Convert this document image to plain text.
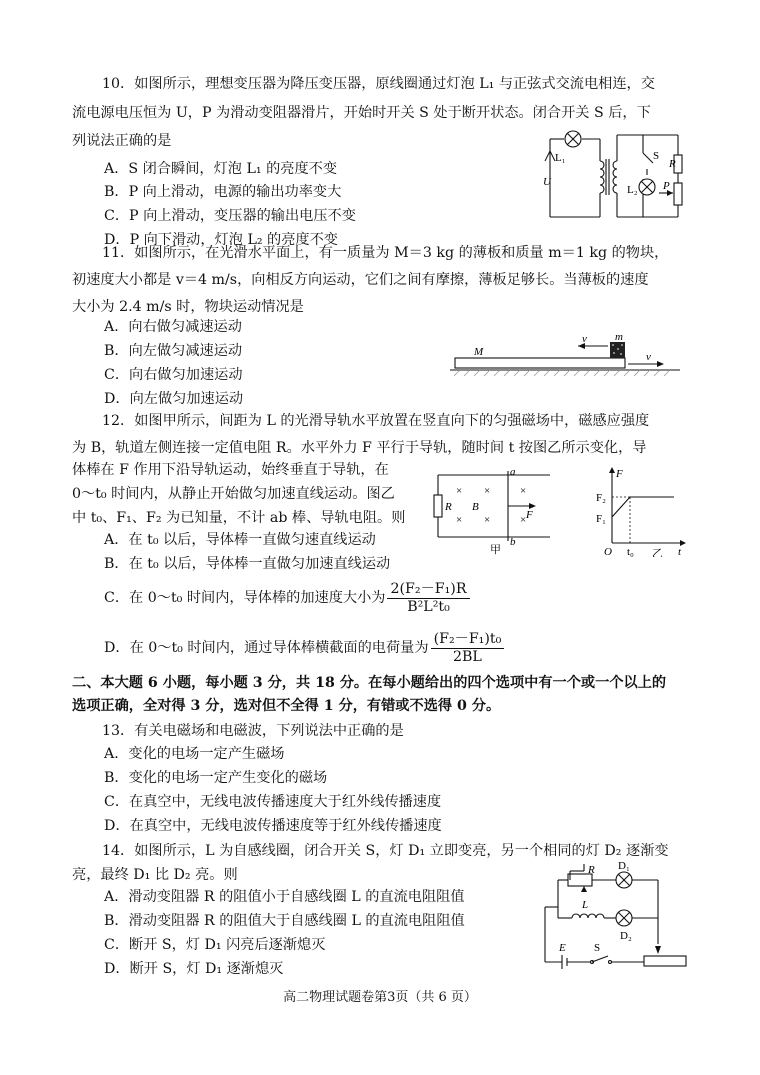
10．如图所示，理想变压器为降压变压器，原线圈通过灯泡 L₁ 与正弦式交流电相连，交
流电源电压恒为 U，P 为滑动变阻器滑片，开始时开关 S 处于断开状态。闭合开关 S 后，下
列说法正确的是
A．S 闭合瞬间，灯泡 L₁ 的亮度不变
B．P 向上滑动，电源的输出功率变大
C．P 向上滑动，变压器的输出电压不变
D．P 向下滑动，灯泡 L₂ 的亮度不变
L₁
U
S
R
L₂ P
11．如图所示，在光滑水平面上，有一质量为 M＝3 kg 的薄板和质量 m＝1 kg 的物块，
初速度大小都是 v＝4 m/s，向相反方向运动，它们之间有摩擦，薄板足够长。当薄板的速度
大小为 2.4 m/s 时，物块运动情况是
A．向右做匀减速运动
B．向左做匀减速运动
C．向右做匀加速运动
D．向左做匀加速运动
M
m
v
v
12．如图甲所示，间距为 L 的光滑导轨水平放置在竖直向下的匀强磁场中，磁感应强度
为 B，轨道左侧连接一定值电阻 R。水平外力 F 平行于导轨，随时间 t 按图乙所示变化，导
体棒在 F 作用下沿导轨运动，始终垂直于导轨，在
0～t₀ 时间内，从静止开始做匀加速直线运动。图乙
中 t₀、F₁、F₂ 为已知量，不计 ab 棒、导轨电阻。则
A．在 t₀ 以后，导体棒一直做匀速直线运动
B．在 t₀ 以后，导体棒一直做匀加速直线运动
C．在 0～t₀ 时间内，导体棒的加速度大小为 $\frac{\text{2(F₂－F₁)R}}{\text{B²L²t₀}}$
D．在 0～t₀ 时间内，通过导体棒横截面的电荷量为 $\frac{\text{(F₂－F₁)t₀}}{2BL}$
× ×
× ×
×
×
R B
a
b
F
甲
F
F₂
F₁
O t₀	t
乙
二、本大题 6 小题，每小题 3 分，共 18 分。在每小题给出的四个选项中有一个或一个以上的
选项正确，全对得 3 分，选对但不全得 1 分，有错或不选得 0 分。
13．有关电磁场和电磁波，下列说法中正确的是
A．变化的电场一定产生磁场
B．变化的电场一定产生变化的磁场
C．在真空中，无线电波传播速度大于红外线传播速度
D．在真空中，无线电波传播速度等于红外线传播速度
14．如图所示，L 为自感线圈，闭合开关 S，灯 D₁ 立即变亮，另一个相同的灯 D₂ 逐渐变
亮，最终 D₁ 比 D₂ 亮。则
A．滑动变阻器 R 的阻值小于自感线圈 L 的直流电阻阻值
B．滑动变阻器 R 的阻值大于自感线圈 L 的直流电阻阻值
C．断开 S，灯 D₁ 闪亮后逐渐熄灭
D．断开 S，灯 D₁ 逐渐熄灭
R D₁
L
D₂
E	S
高二物理试题卷第3页（共 6 页）
